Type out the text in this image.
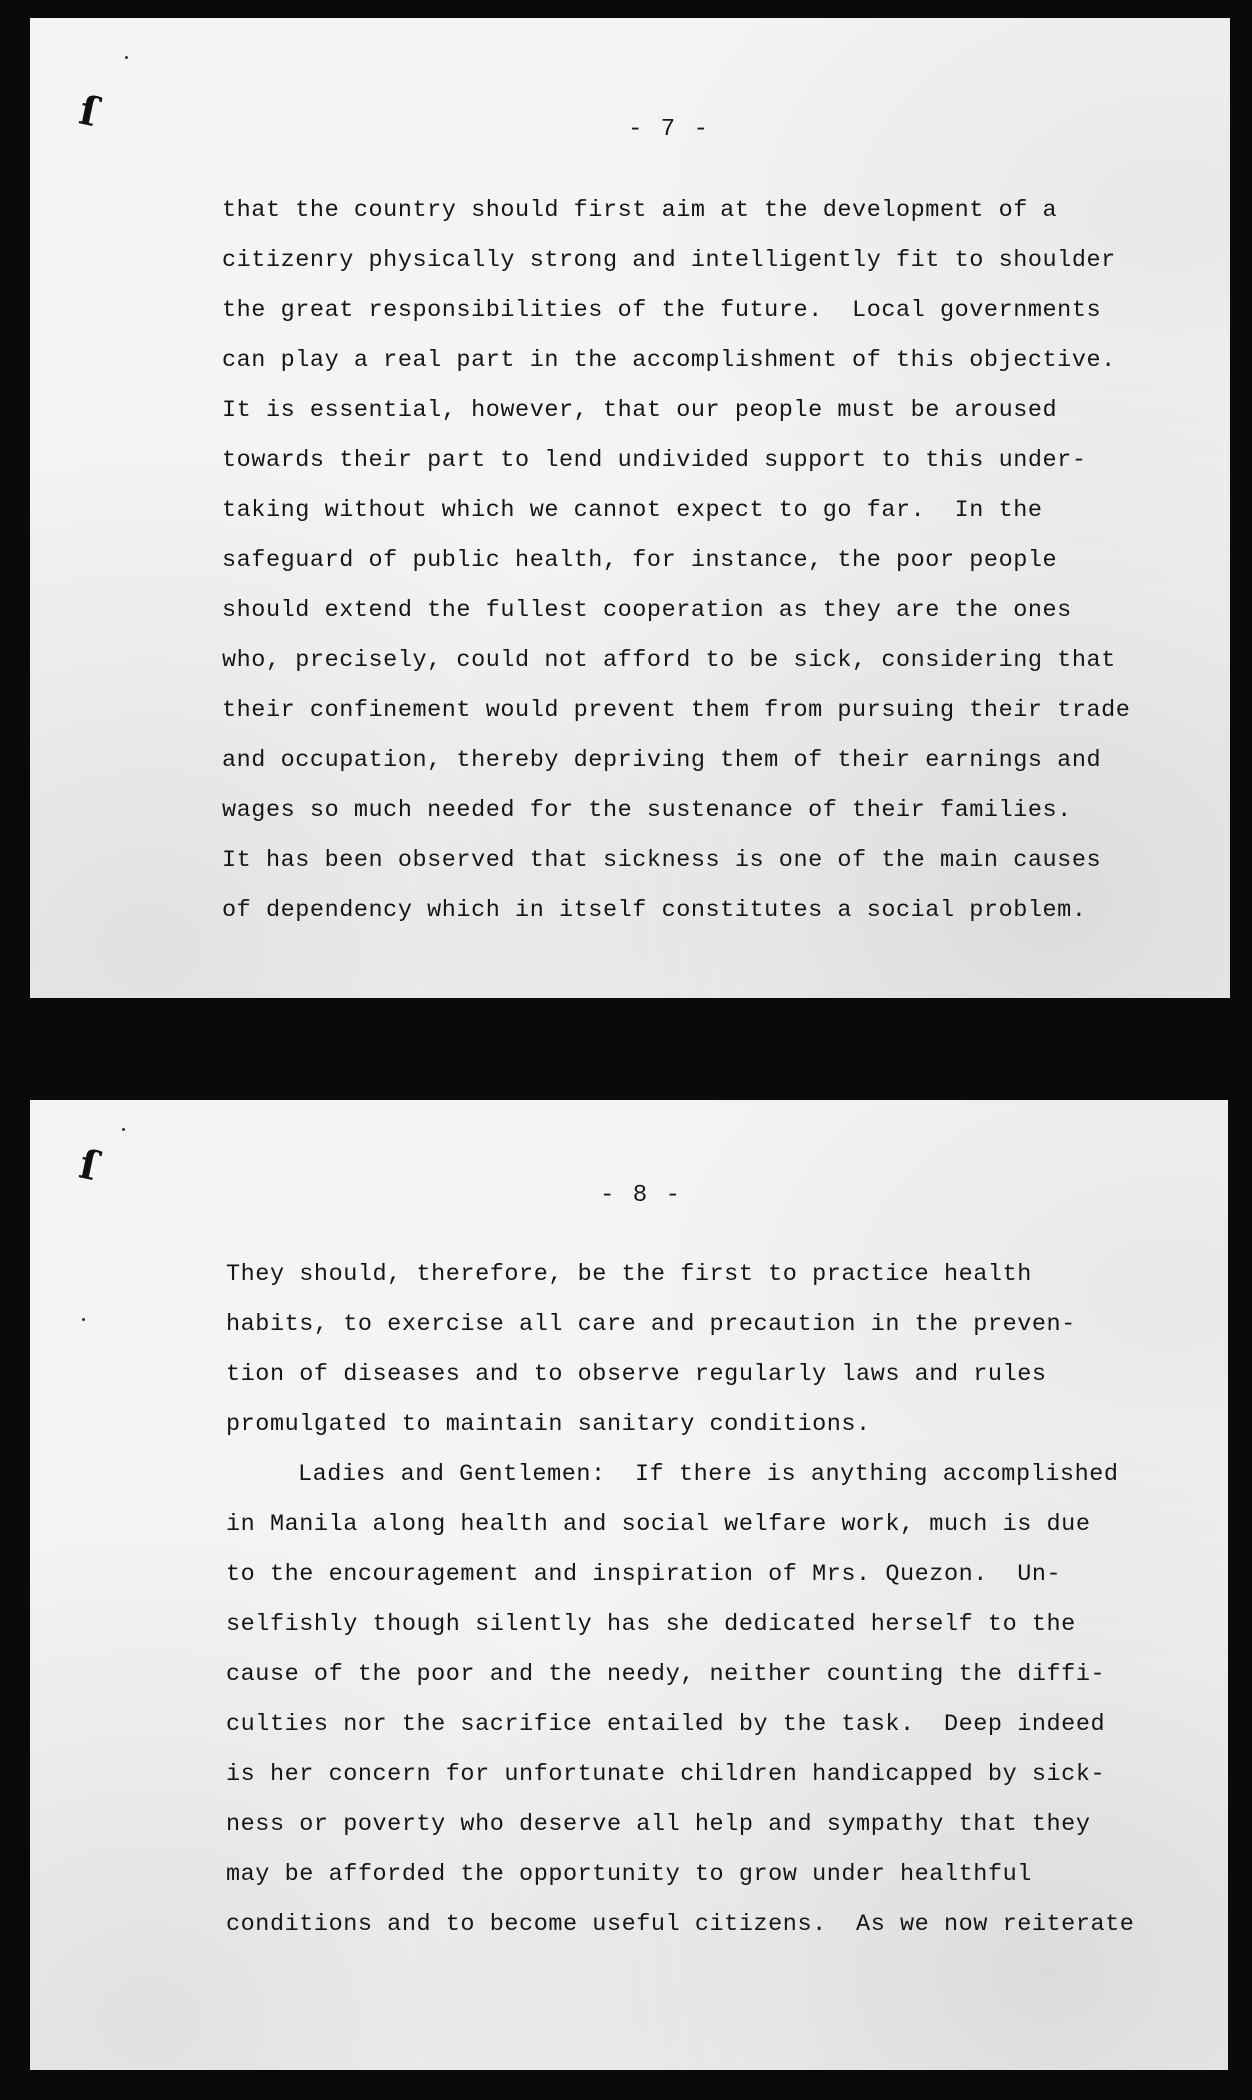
ſ	- 7 -
that the country should first aim at the development of a
citizenry physically strong and intelligently fit to shoulder
the great responsibilities of the future.  Local governments
can play a real part in the accomplishment of this objective.
It is essential, however, that our people must be aroused
towards their part to lend undivided support to this under-
taking without which we cannot expect to go far.  In the
safeguard of public health, for instance, the poor people
should extend the fullest cooperation as they are the ones
who, precisely, could not afford to be sick, considering that
their confinement would prevent them from pursuing their trade
and occupation, thereby depriving them of their earnings and
wages so much needed for the sustenance of their families.
It has been observed that sickness is one of the main causes
of dependency which in itself constitutes a social problem.
ſ
- 8 -
They should, therefore, be the first to practice health
habits, to exercise all care and precaution in the preven-
tion of diseases and to observe regularly laws and rules
promulgated to maintain sanitary conditions.
Ladies and Gentlemen:  If there is anything accomplished
in Manila along health and social welfare work, much is due
to the encouragement and inspiration of Mrs. Quezon.  Un-
selfishly though silently has she dedicated herself to the
cause of the poor and the needy, neither counting the diffi-
culties nor the sacrifice entailed by the task.  Deep indeed
is her concern for unfortunate children handicapped by sick-
ness or poverty who deserve all help and sympathy that they
may be afforded the opportunity to grow under healthful
conditions and to become useful citizens.  As we now reiterate
